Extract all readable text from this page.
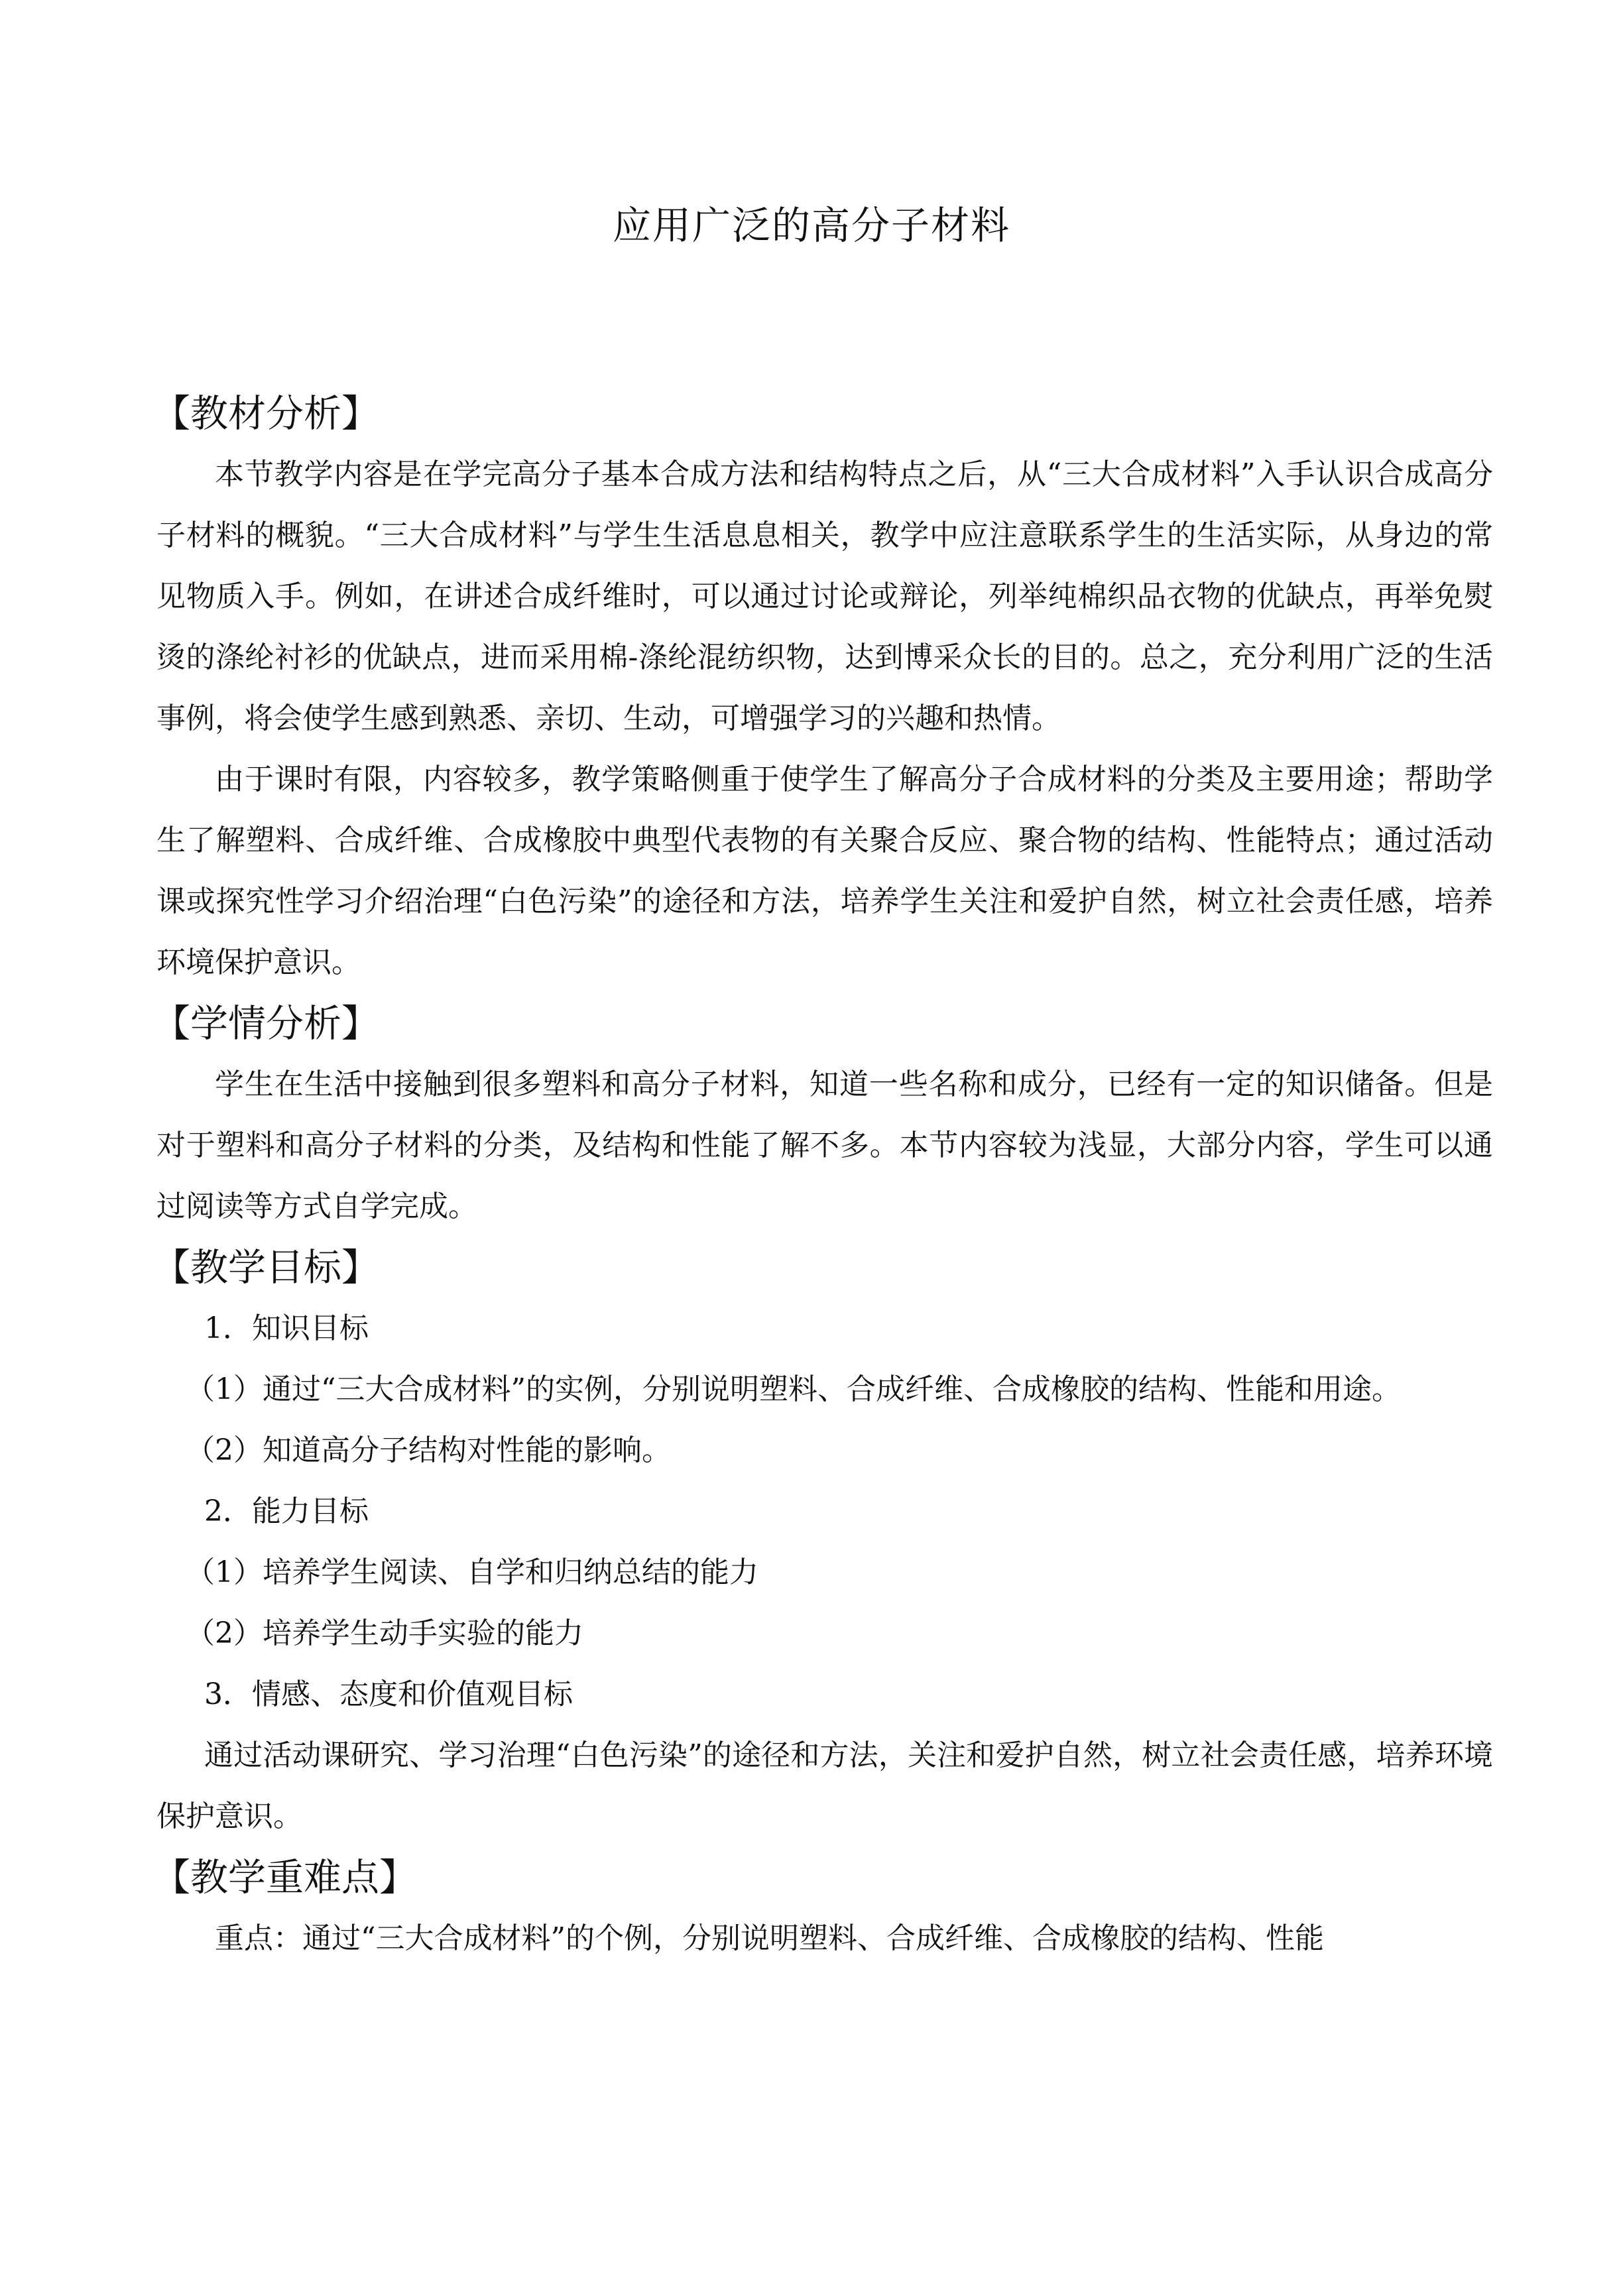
应用广泛的高分子材料
【教材分析】

本节教学内容是在学完高分子基本合成方法和结构特点之后，从“三大合成材料”入手认识合成高分子材料的概貌。“三大合成材料”与学生生活息息相关，教学中应注意联系学生的生活实际，从身边的常见物质入手。例如，在讲述合成纤维时，可以通过讨论或辩论，列举纯棉织品衣物的优缺点，再举免熨烫的涤纶衬衫的优缺点，进而采用棉-涤纶混纺织物，达到博采众长的目的。总之，充分利用广泛的生活事例，将会使学生感到熟悉、亲切、生动，可增强学习的兴趣和热情。

由于课时有限，内容较多，教学策略侧重于使学生了解高分子合成材料的分类及主要用途；帮助学生了解塑料、合成纤维、合成橡胶中典型代表物的有关聚合反应、聚合物的结构、性能特点；通过活动课或探究性学习介绍治理“白色污染”的途径和方法，培养学生关注和爱护自然，树立社会责任感，培养环境保护意识。

【学情分析】

学生在生活中接触到很多塑料和高分子材料，知道一些名称和成分，已经有一定的知识储备。但是对于塑料和高分子材料的分类，及结构和性能了解不多。本节内容较为浅显，大部分内容，学生可以通过阅读等方式自学完成。

【教学目标】
1．知识目标

（1）通过“三大合成材料”的实例，分别说明塑料、合成纤维、合成橡胶的结构、性能和用途。

（2）知道高分子结构对性能的影响。
2．能力目标
（1）培养学生阅读、自学和归纳总结的能力
（2）培养学生动手实验的能力
3．情感、态度和价值观目标

通过活动课研究、学习治理“白色污染”的途径和方法，关注和爱护自然，树立社会责任感，培养环境保护意识。

【教学重难点】

重点：通过“三大合成材料”的个例，分别说明塑料、合成纤维、合成橡胶的结构、性能
